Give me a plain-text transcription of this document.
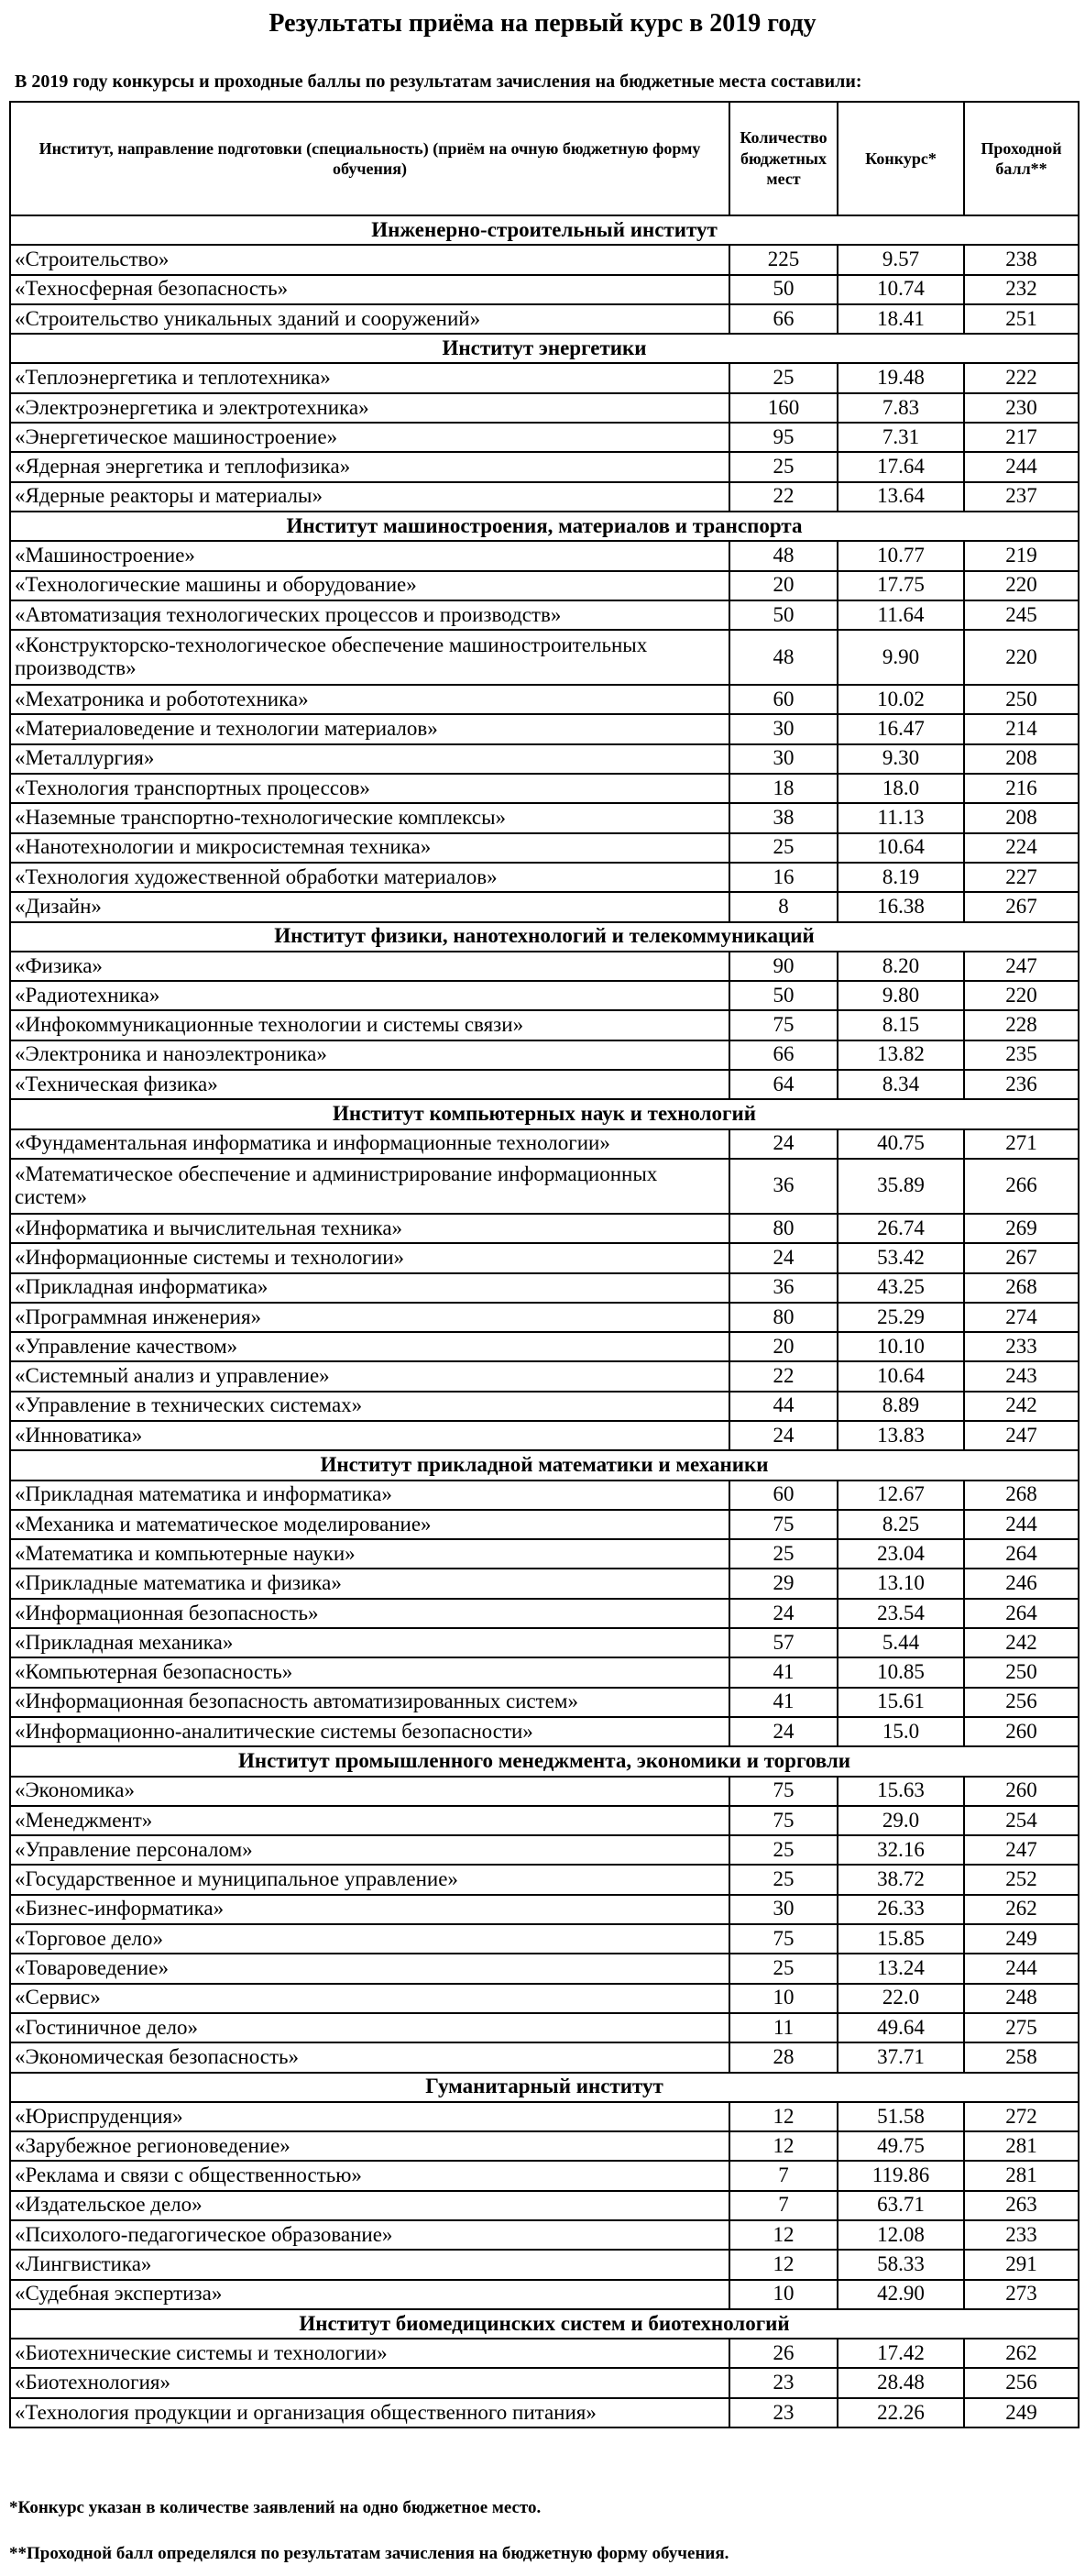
Результаты приёма на первый курс в 2019 году
В 2019 году конкурсы и проходные баллы по результатам зачисления на бюджетные места составили:
Институт, направление подготовки (специальность) (приём на очную бюджетную форму обучения)	Количество бюджетных мест	Конкурс*	Проходной балл**
Инженерно-строительный институт			
«Строительство»	225	9.57	238
«Техносферная безопасность»	50	10.74	232
«Строительство уникальных зданий и сооружений»	66	18.41	251
Институт энергетики			
«Теплоэнергетика и теплотехника»	25	19.48	222
«Электроэнергетика и электротехника»	160	7.83	230
«Энергетическое машиностроение»	95	7.31	217
«Ядерная энергетика и теплофизика»	25	17.64	244
«Ядерные реакторы и материалы»	22	13.64	237
Институт машиностроения, материалов и транспорта			
«Машиностроение»	48	10.77	219
«Технологические машины и оборудование»	20	17.75	220
«Автоматизация технологических процессов и производств»	50	11.64	245
«Конструкторско-технологическое обеспечение машиностроительных производств»	48	9.90	220
«Мехатроника и робототехника»	60	10.02	250
«Материаловедение и технологии материалов»	30	16.47	214
«Металлургия»	30	9.30	208
«Технология транспортных процессов»	18	18.0	216
«Наземные транспортно-технологические комплексы»	38	11.13	208
«Нанотехнологии и микросистемная техника»	25	10.64	224
«Технология художественной обработки материалов»	16	8.19	227
«Дизайн»	8	16.38	267
Институт физики, нанотехнологий и телекоммуникаций			
«Физика»	90	8.20	247
«Радиотехника»	50	9.80	220
«Инфокоммуникационные технологии и системы связи»	75	8.15	228
«Электроника и наноэлектроника»	66	13.82	235
«Техническая физика»	64	8.34	236
Институт компьютерных наук и технологий			
«Фундаментальная информатика и информационные технологии»	24	40.75	271
«Математическое обеспечение и администрирование информационных систем»	36	35.89	266
«Информатика и вычислительная техника»	80	26.74	269
«Информационные системы и технологии»	24	53.42	267
«Прикладная информатика»	36	43.25	268
«Программная инженерия»	80	25.29	274
«Управление качеством»	20	10.10	233
«Системный анализ и управление»	22	10.64	243
«Управление в технических системах»	44	8.89	242
«Инноватика»	24	13.83	247
Институт прикладной математики и механики			
«Прикладная математика и информатика»	60	12.67	268
«Механика и математическое моделирование»	75	8.25	244
«Математика и компьютерные науки»	25	23.04	264
«Прикладные математика и физика»	29	13.10	246
«Информационная безопасность»	24	23.54	264
«Прикладная механика»	57	5.44	242
«Компьютерная безопасность»	41	10.85	250
«Информационная безопасность автоматизированных систем»	41	15.61	256
«Информационно-аналитические системы безопасности»	24	15.0	260
Институт промышленного менеджмента, экономики и торговли			
«Экономика»	75	15.63	260
«Менеджмент»	75	29.0	254
«Управление персоналом»	25	32.16	247
«Государственное и муниципальное управление»	25	38.72	252
«Бизнес-информатика»	30	26.33	262
«Торговое дело»	75	15.85	249
«Товароведение»	25	13.24	244
«Сервис»	10	22.0	248
«Гостиничное дело»	11	49.64	275
«Экономическая безопасность»	28	37.71	258
Гуманитарный институт			
«Юриспруденция»	12	51.58	272
«Зарубежное регионоведение»	12	49.75	281
«Реклама и связи с общественностью»	7	119.86	281
«Издательское дело»	7	63.71	263
«Психолого-педагогическое образование»	12	12.08	233
«Лингвистика»	12	58.33	291
«Судебная экспертиза»	10	42.90	273
Институт биомедицинских систем и биотехнологий			
«Биотехнические системы и технологии»	26	17.42	262
«Биотехнология»	23	28.48	256
«Технология продукции и организация общественного питания»	23	22.26	249
*Конкурс указан в количестве заявлений на одно бюджетное место.
**Проходной балл определялся по результатам зачисления на бюджетную форму обучения.
